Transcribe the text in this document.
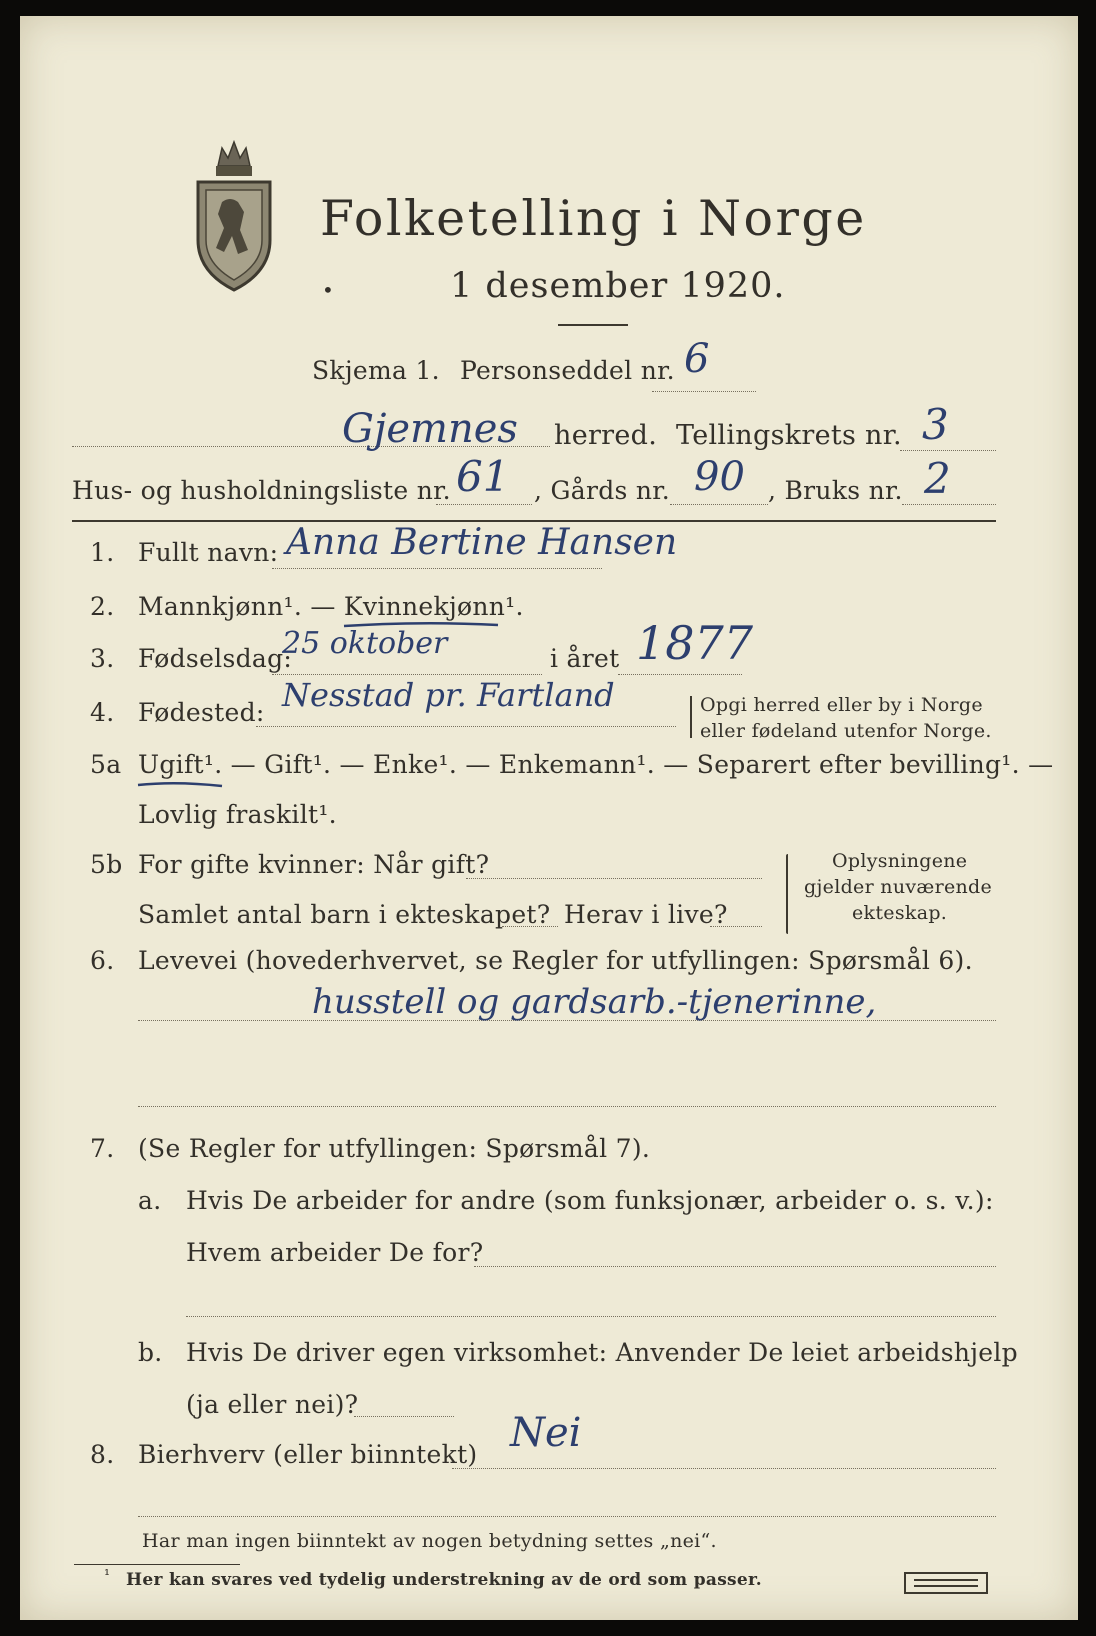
Folketelling i Norge
1 desember 1920.
•
Skjema 1. Personseddel nr. 6
Gjemnes herred. Tellingskrets nr. 3
Hus- og husholdningsliste nr. 61 , Gårds nr. 90 , Bruks nr. 2
1. Fullt navn: Anna Bertine Hansen
2. Mannkjønn¹. — Kvinnekjønn¹.
3. Fødselsdag:
25 oktober	i året 1877
4. Fødested: Nesstad pr. Fartland	Opgi herred eller by i Norge
eller fødeland utenfor Norge.
5a Ugift¹. — Gift¹. — Enke¹. — Enkemann¹. — Separert efter bevilling¹. —
Lovlig fraskilt¹.
5b For gifte kvinner: Når gift?
Samlet antal barn i ekteskapet? Herav i live?
Oplysningene
gjelder nuværende
ekteskap.
6. Levevei (hovederhvervet, se Regler for utfyllingen: Spørsmål 6).
husstell og gardsarb.-tjenerinne,
7. (Se Regler for utfyllingen: Spørsmål 7).
a. Hvis De arbeider for andre (som funksjonær, arbeider o. s. v.):
Hvem arbeider De for?
b. Hvis De driver egen virksomhet: Anvender De leiet arbeidshjelp
(ja eller nei)?
8. Bierhverv (eller biinntekt) Nei
Har man ingen biinntekt av nogen betydning settes „nei“.
¹ Her kan svares ved tydelig understrekning av de ord som passer.
